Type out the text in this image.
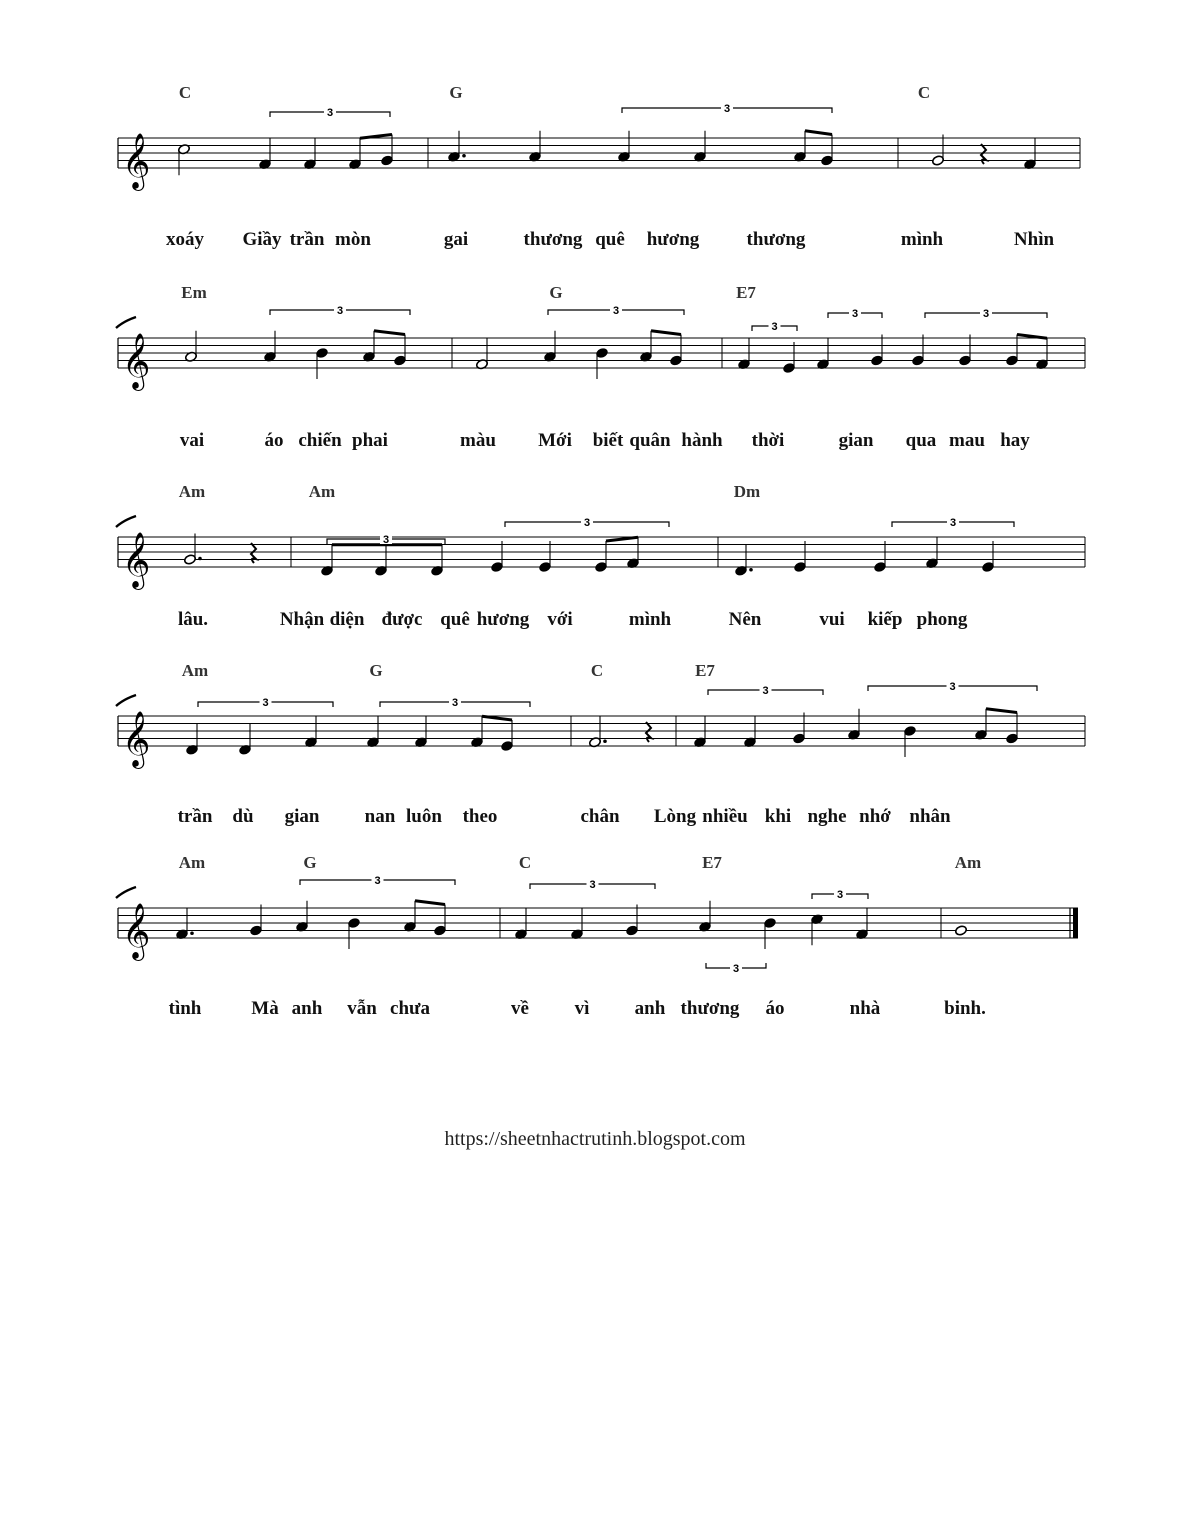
𝄞
3	3
C	G	C
xoáy Giầy trần mòn	gai	thương quê hương thương	mình	Nhìn
𝄞
3	3
3
3	3
Em	G	E7
vai	áo chiến phai	màu Mới biết quân hành thời	gian qua mau hay
𝄞	3
3	3
Am	Am	Dm
lâu.	Nhận diện được quê hương với	mình	Nên	vui kiếp phong
𝄞
3	3
3	3
Am	G	C	E7
trần dù gian nan luôn theo	chân Lòng nhiều khi nghe nhớ nhân
𝄞
3	3
3
3
Am	G	C	E7	Am
tình	Mà anh vẫn chưa	về vì anh thương áo	nhà	binh.
https://sheetnhactrutinh.blogspot.com
